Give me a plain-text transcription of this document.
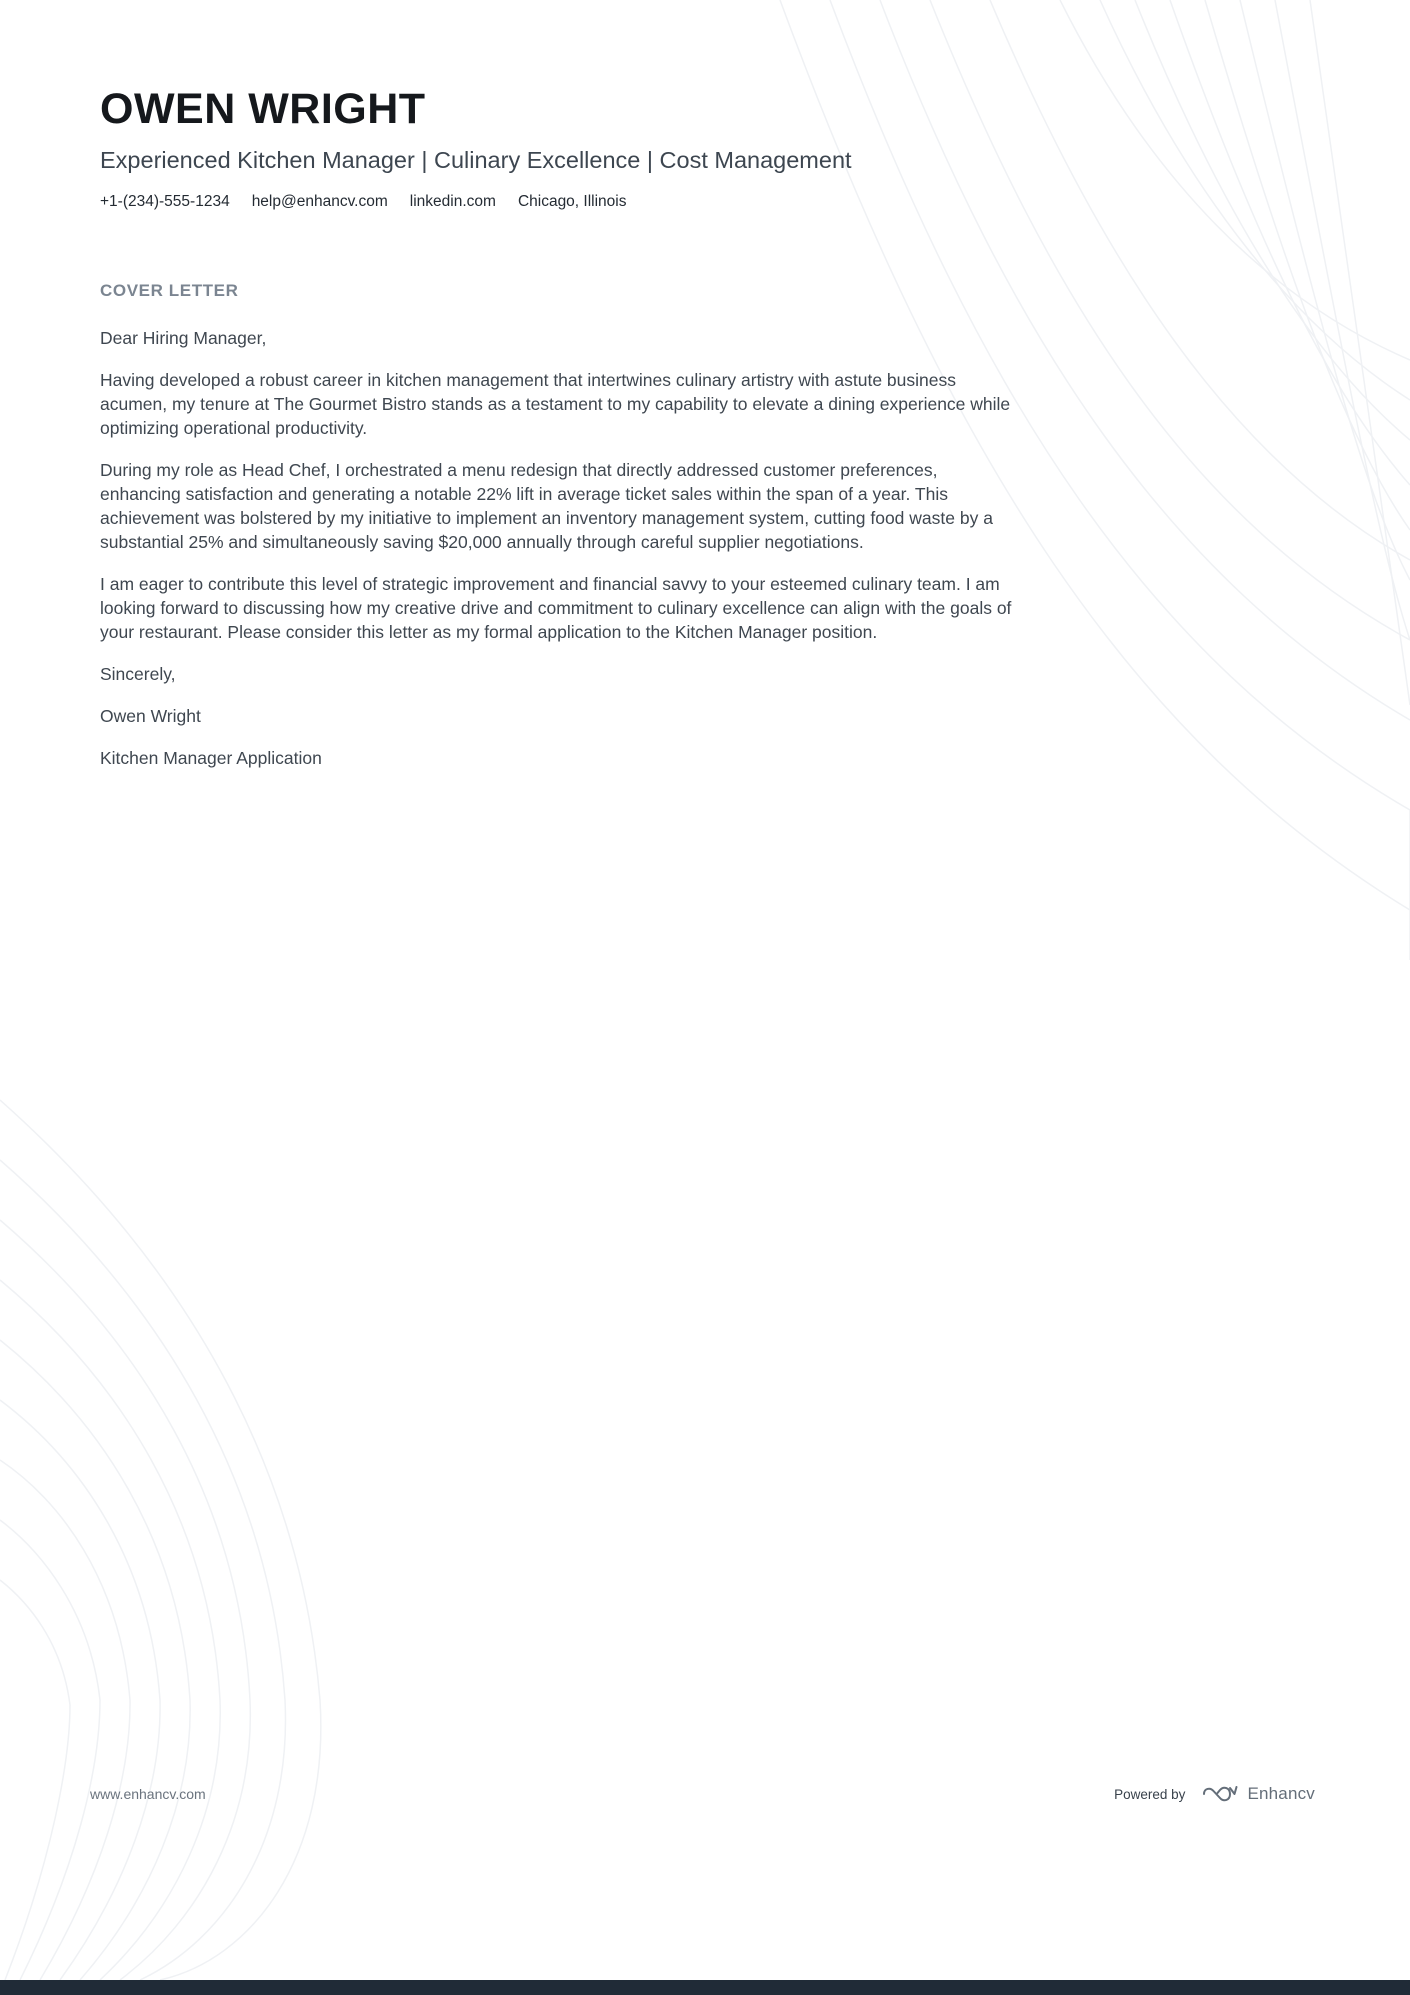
OWEN WRIGHT
Experienced Kitchen Manager | Culinary Excellence | Cost Management
+1-(234)-555-1234 help@enhancv.com linkedin.com Chicago, Illinois
COVER LETTER

Dear Hiring Manager,

Having developed a robust career in kitchen management that intertwines culinary artistry with astute business acumen, my tenure at The Gourmet Bistro stands as a testament to my capability to elevate a dining experience while optimizing operational productivity.

During my role as Head Chef, I orchestrated a menu redesign that directly addressed customer preferences, enhancing satisfaction and generating a notable 22% lift in average ticket sales within the span of a year. This achievement was bolstered by my initiative to implement an inventory management system, cutting food waste by a substantial 25% and simultaneously saving $20,000 annually through careful supplier negotiations.

I am eager to contribute this level of strategic improvement and financial savvy to your esteemed culinary team. I am looking forward to discussing how my creative drive and commitment to culinary excellence can align with the goals of your restaurant. Please consider this letter as my formal application to the Kitchen Manager position.

Sincerely,

Owen Wright

Kitchen Manager Application

www.enhancv.com	Powered by	Enhancv
